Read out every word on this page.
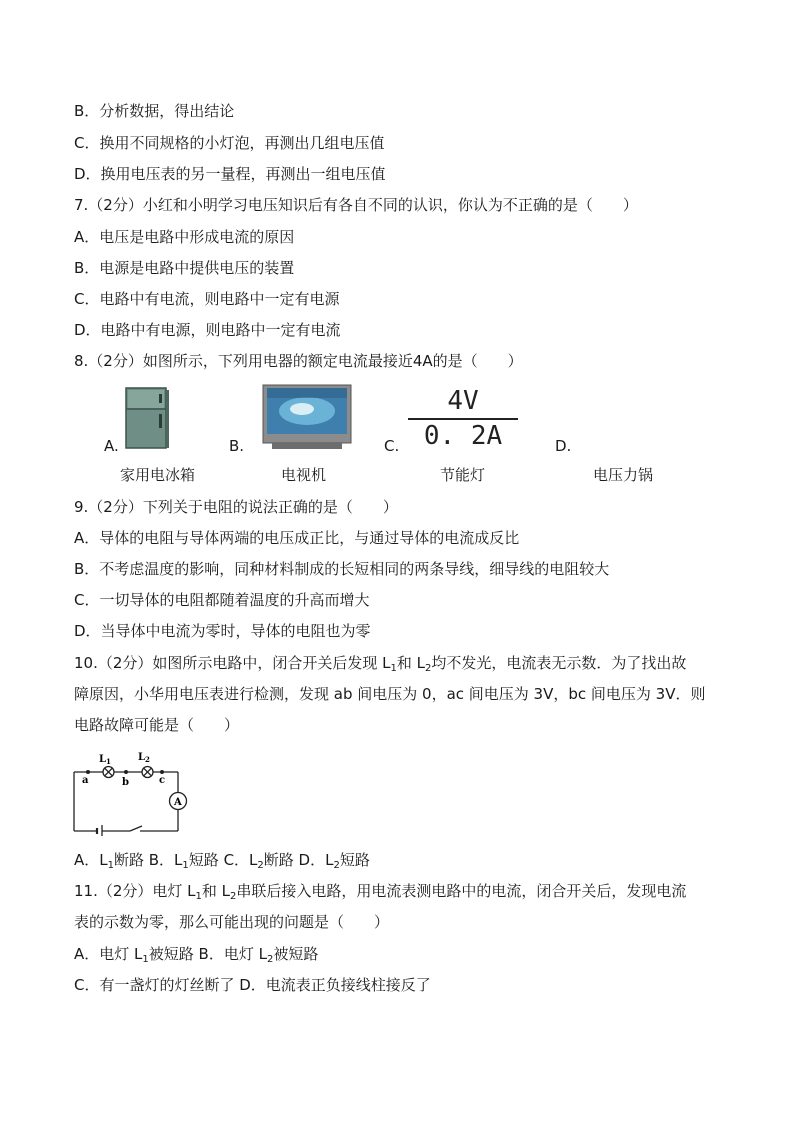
B．分析数据，得出结论
C．换用不同规格的小灯泡，再测出几组电压值
D．换用电压表的另一量程，再测出一组电压值
7.（2分）小红和小明学习电压知识后有各自不同的认识，你认为不正确的是（　　）
A．电压是电路中形成电流的原因
B．电源是电路中提供电压的装置
C．电路中有电流，则电路中一定有电源
D．电路中有电源，则电路中一定有电流
8.（2分）如图所示，下列用电器的额定电流最接近4A的是（　　）
A.
家用电冰箱
B.
电视机
C.
4V
0. 2A
节能灯
D.
电压力锅
9.（2分）下列关于电阻的说法正确的是（　　）
A．导体的电阻与导体两端的电压成正比，与通过导体的电流成反比
B．不考虑温度的影响，同种材料制成的长短相同的两条导线，细导线的电阻较大
C．一切导体的电阻都随着温度的升高而增大
D．当导体中电流为零时，导体的电阻也为零
10.（2分）如图所示电路中，闭合开关后发现 $L_1$和 $L_2$均不发光，电流表无示数．为了找出故
障原因，小华用电压表进行检测，发现 ab 间电压为 0，ac 间电压为 3V，bc 间电压为 3V．则
电路故障可能是（　　）
$L_1$	$L_2$
a	b	c
A
A．$L_1$断路 B．$L_1$短路 C．$L_2$断路 D．$L_2$短路
11.（2分）电灯 $L_1$和 $L_2$串联后接入电路，用电流表测电路中的电流，闭合开关后，发现电流
表的示数为零，那么可能出现的问题是（　　）
A．电灯 $L_1$被短路 B．电灯 $L_2$被短路
C．有一盏灯的灯丝断了 D．电流表正负接线柱接反了
